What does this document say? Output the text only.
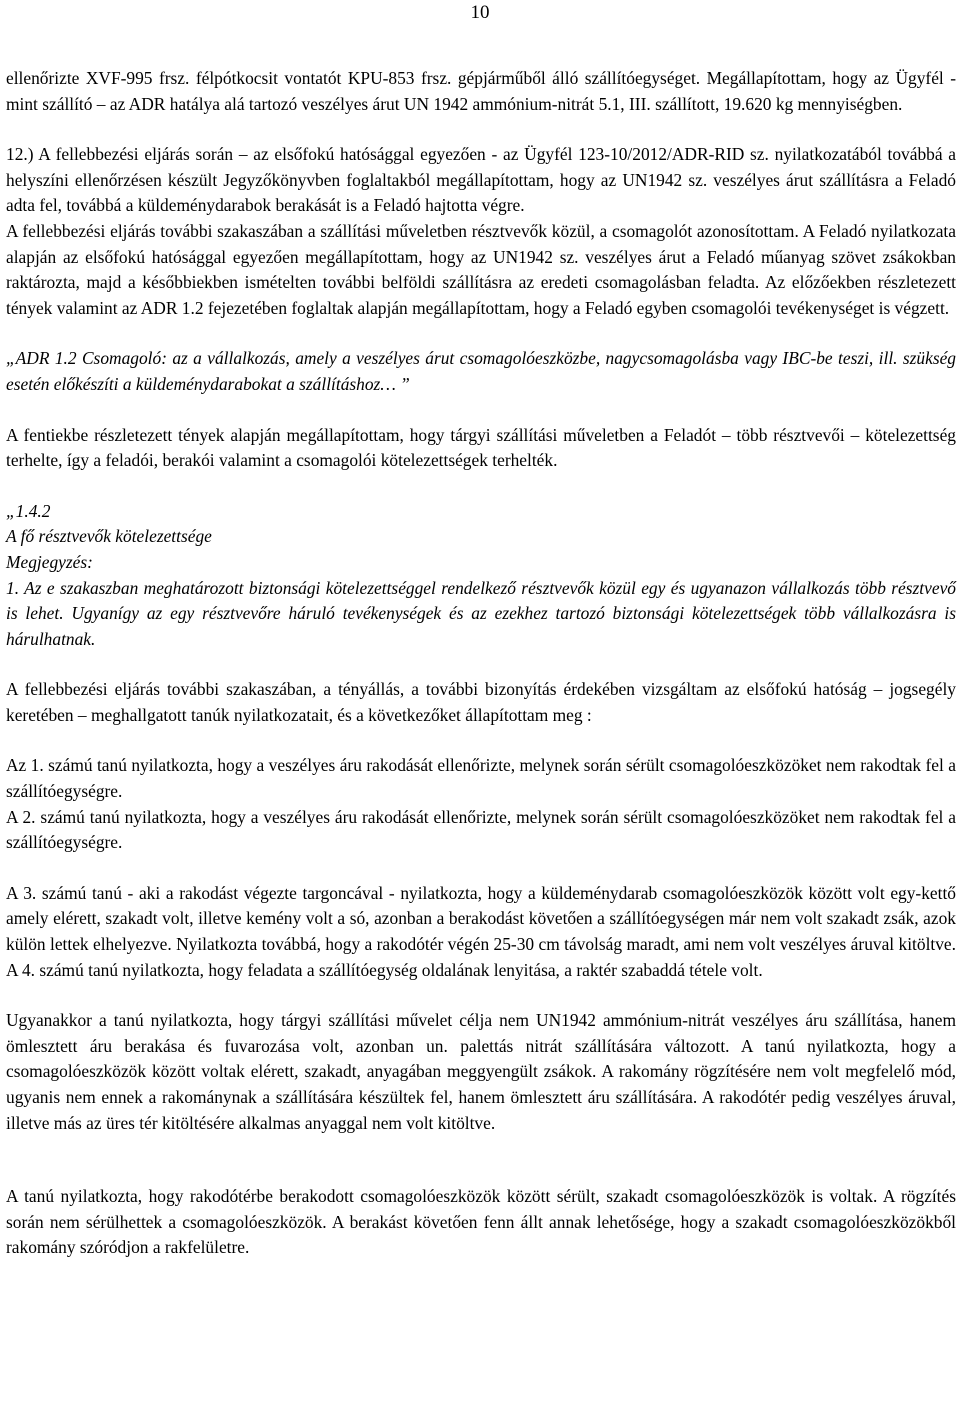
10

ellenőrizte XVF-995 frsz. félpótkocsit vontatót KPU-853 frsz. gépjárműből álló szállítóegységet. Megállapítottam, hogy az Ügyfél - mint szállító – az ADR hatálya alá tartozó veszélyes árut UN 1942 ammónium-nitrát 5.1, III. szállított, 19.620 kg mennyiségben.

12.) A fellebbezési eljárás során – az elsőfokú hatósággal egyezően - az Ügyfél 123-10/2012/ADR-RID sz. nyilatkozatából továbbá a helyszíni ellenőrzésen készült Jegyzőkönyvben foglaltakból megállapítottam, hogy az UN1942 sz. veszélyes árut szállításra a Feladó adta fel, továbbá a küldeménydarabok berakását is a Feladó hajtotta végre.

A fellebbezési eljárás további szakaszában a szállítási műveletben résztvevők közül, a csomagolót azonosítottam. A Feladó nyilatkozata alapján az elsőfokú hatósággal egyezően megállapítottam, hogy az UN1942 sz. veszélyes árut a Feladó műanyag szövet zsákokban raktározta, majd a későbbiekben ismételten további belföldi szállításra az eredeti csomagolásban feladta. Az előzőekben részletezett tények valamint az ADR 1.2 fejezetében foglaltak alapján megállapítottam, hogy a Feladó egyben csomagolói tevékenységet is végzett.

„ADR 1.2 Csomagoló: az a vállalkozás, amely a veszélyes árut csomagolóeszközbe, nagycsomagolásba vagy IBC-be teszi, ill. szükség esetén előkészíti a küldeménydarabokat a szállításhoz… ”

A fentiekbe részletezett tények alapján megállapítottam, hogy tárgyi szállítási műveletben a Feladót – több résztvevői – kötelezettség terhelte, így a feladói, berakói valamint a csomagolói kötelezettségek terhelték.

„1.4.2

A fő résztvevők kötelezettsége

Megjegyzés:

1. Az e szakaszban meghatározott biztonsági kötelezettséggel rendelkező résztvevők közül egy és ugyanazon vállalkozás több résztvevő is lehet. Ugyanígy az egy résztvevőre háruló tevékenységek és az ezekhez tartozó biztonsági kötelezettségek több vállalkozásra is hárulhatnak.

A fellebbezési eljárás további szakaszában, a tényállás, a további bizonyítás érdekében vizsgáltam az elsőfokú hatóság – jogsegély keretében – meghallgatott tanúk nyilatkozatait, és a következőket állapítottam meg :

Az 1. számú tanú nyilatkozta, hogy a veszélyes áru rakodását ellenőrizte, melynek során sérült csomagolóeszközöket nem rakodtak fel a szállítóegységre.

A 2. számú tanú nyilatkozta, hogy a veszélyes áru rakodását ellenőrizte, melynek során sérült csomagolóeszközöket nem rakodtak fel a szállítóegységre.

A 3. számú tanú - aki a rakodást végezte targoncával - nyilatkozta, hogy a küldeménydarab csomagolóeszközök között volt egy-kettő amely elérett, szakadt volt, illetve kemény volt a só, azonban a berakodást követően a szállítóegységen már nem volt szakadt zsák, azok külön lettek elhelyezve. Nyilatkozta továbbá, hogy a rakodótér végén 25-30 cm távolság maradt, ami nem volt veszélyes áruval kitöltve. A 4. számú tanú nyilatkozta, hogy feladata a szállítóegység oldalának lenyitása, a raktér szabaddá tétele volt.

Ugyanakkor a tanú nyilatkozta, hogy tárgyi szállítási művelet célja nem UN1942 ammónium-nitrát veszélyes áru szállítása, hanem ömlesztett áru berakása és fuvarozása volt, azonban un. palettás nitrát szállítására változott. A tanú nyilatkozta, hogy a csomagolóeszközök között voltak elérett, szakadt, anyagában meggyengült zsákok. A rakomány rögzítésére nem volt megfelelő mód, ugyanis nem ennek a rakománynak a szállítására készültek fel, hanem ömlesztett áru szállítására. A rakodótér pedig veszélyes áruval, illetve más az üres tér kitöltésére alkalmas anyaggal nem volt kitöltve.

A tanú nyilatkozta, hogy rakodótérbe berakodott csomagolóeszközök között sérült, szakadt csomagolóeszközök is voltak. A rögzítés során nem sérülhettek a csomagolóeszközök. A berakást követően fenn állt annak lehetősége, hogy a szakadt csomagolóeszközökből rakomány szóródjon a rakfelületre.
